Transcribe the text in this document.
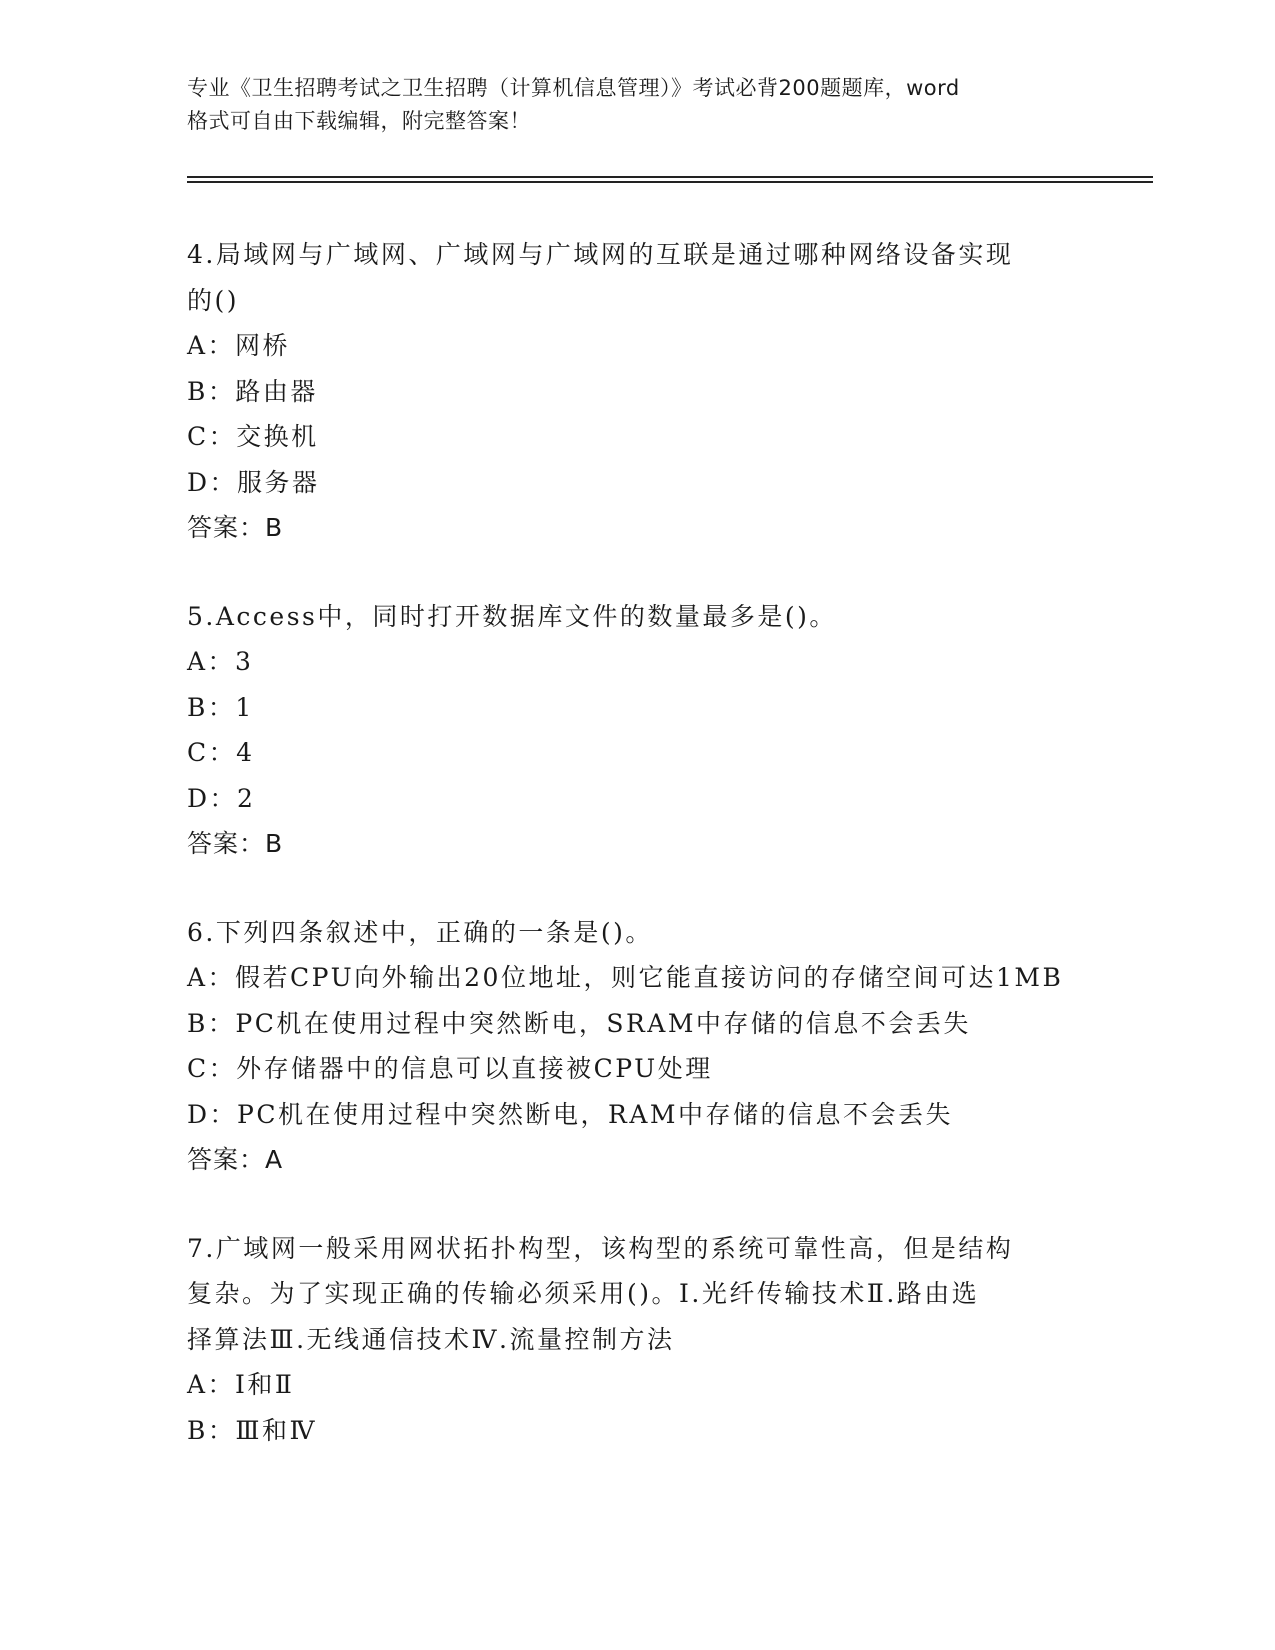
专业《卫生招聘考试之卫生招聘（计算机信息管理）》考试必背200题题库，word
格式可自由下载编辑，附完整答案！
4.局域网与广域网、广域网与广域网的互联是通过哪种网络设备实现
的()
A：网桥
B：路由器
C：交换机
D：服务器
答案：B
5.Access中，同时打开数据库文件的数量最多是()。
A：3
B：1
C：4
D：2
答案：B
6.下列四条叙述中，正确的一条是()。
A：假若CPU向外输出20位地址，则它能直接访问的存储空间可达1MB
B：PC机在使用过程中突然断电，SRAM中存储的信息不会丢失
C：外存储器中的信息可以直接被CPU处理
D：PC机在使用过程中突然断电，RAM中存储的信息不会丢失
答案：A
7.广域网一般采用网状拓扑构型，该构型的系统可靠性高，但是结构
复杂。为了实现正确的传输必须采用()。Ⅰ.光纤传输技术Ⅱ.路由选
择算法Ⅲ.无线通信技术Ⅳ.流量控制方法
A：Ⅰ和Ⅱ
B：Ⅲ和Ⅳ
